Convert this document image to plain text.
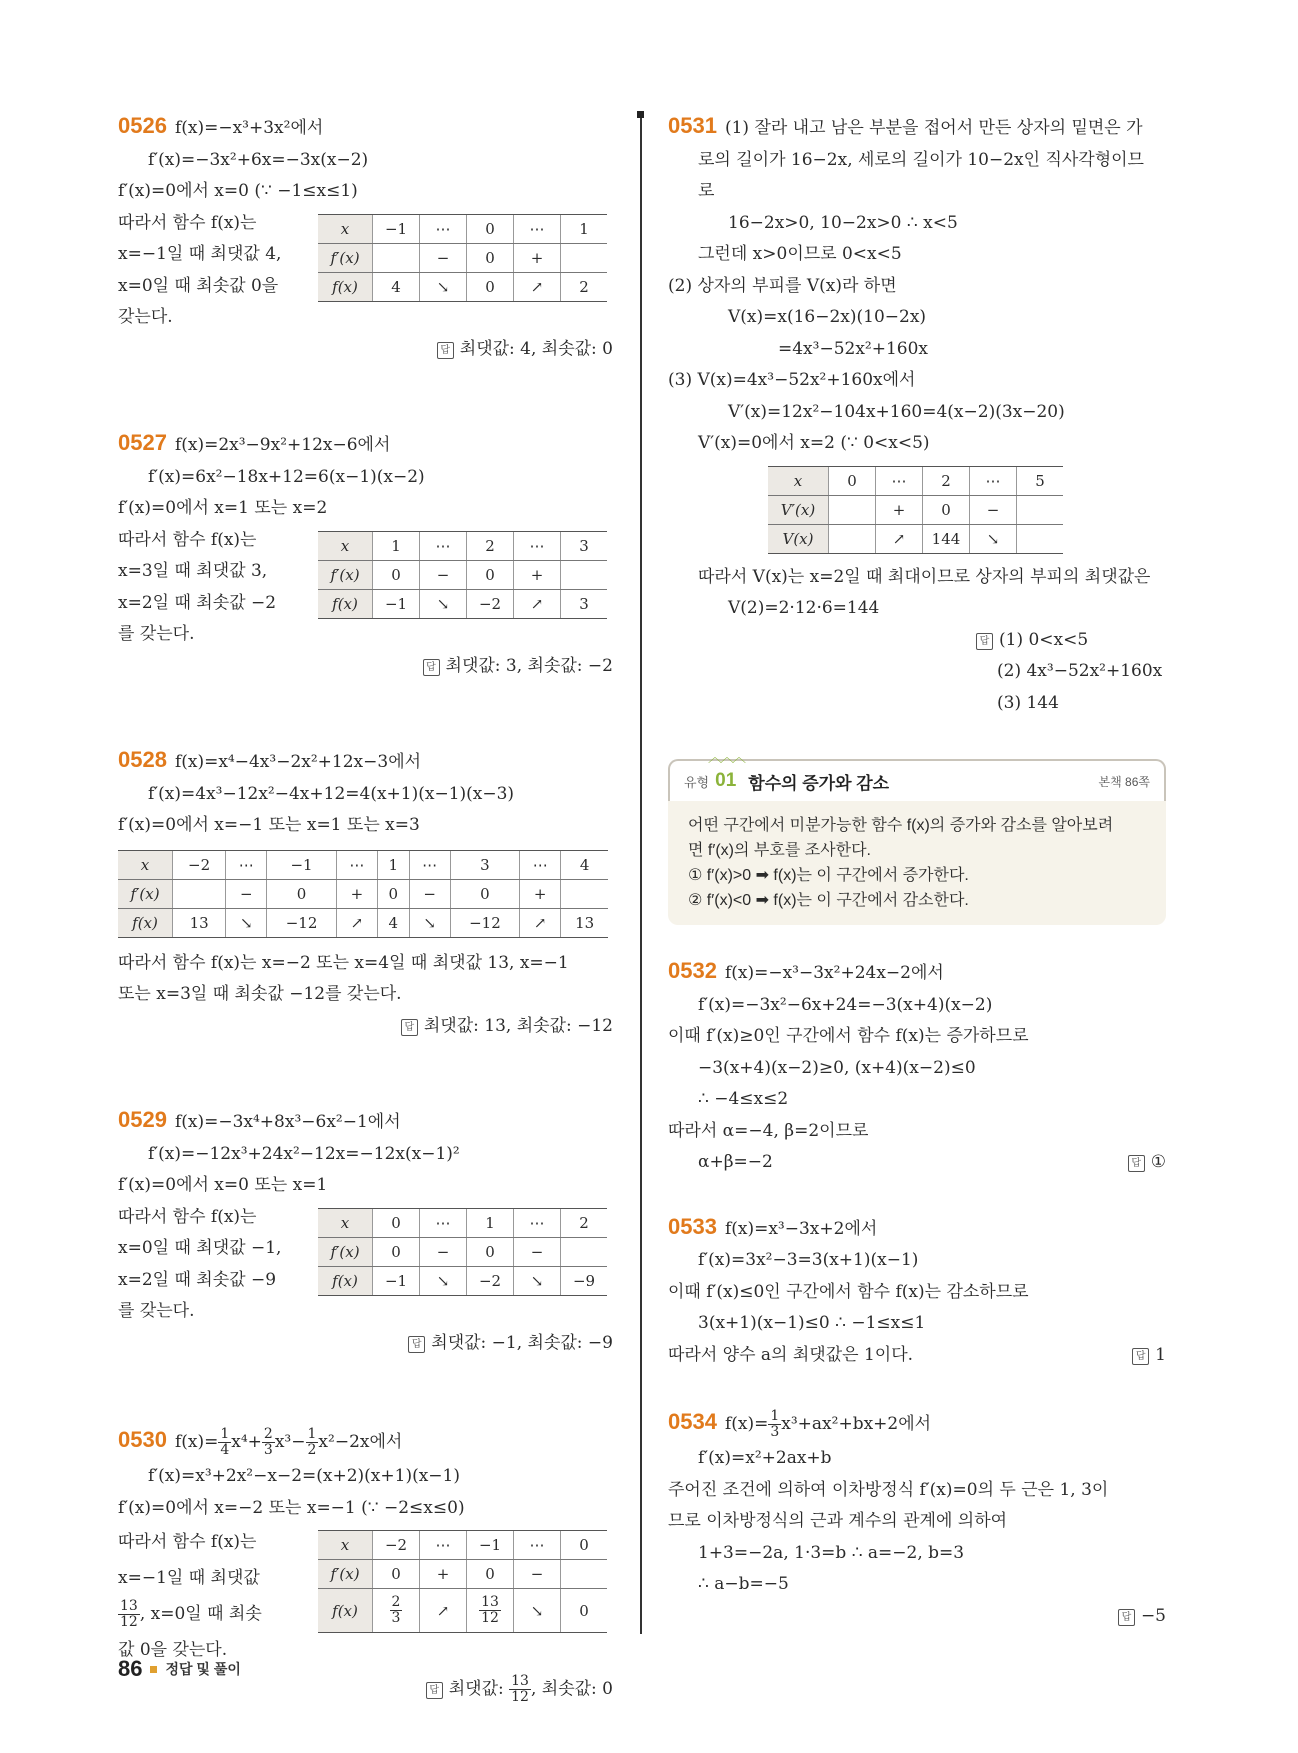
0526 f(x)=−x³+3x²에서
f′(x)=−3x²+6x=−3x(x−2)
f′(x)=0에서 x=0 (∵ −1≤x≤1)
따라서 함수 f(x)는
x=−1일 때 최댓값 4,
x=0일 때 최솟값 0을
갖는다.
x	−1	⋯	0	⋯	1
f′(x)		−	0	+	
f(x)	4	↘	0	↗	2
답 최댓값: 4, 최솟값: 0
0527 f(x)=2x³−9x²+12x−6에서
f′(x)=6x²−18x+12=6(x−1)(x−2)
f′(x)=0에서 x=1 또는 x=2
따라서 함수 f(x)는
x=3일 때 최댓값 3,
x=2일 때 최솟값 −2
를 갖는다.
x	1	⋯	2	⋯	3
f′(x)	0	−	0	+	
f(x)	−1	↘	−2	↗	3
답 최댓값: 3, 최솟값: −2
0528 f(x)=x⁴−4x³−2x²+12x−3에서
f′(x)=4x³−12x²−4x+12=4(x+1)(x−1)(x−3)
f′(x)=0에서 x=−1 또는 x=1 또는 x=3
x	−2	⋯	−1	⋯	1	⋯	3	⋯	4
f′(x)		−	0	+	0	−	0	+	
f(x)	13	↘	−12	↗	4	↘	−12	↗	13
따라서 함수 f(x)는 x=−2 또는 x=4일 때 최댓값 13, x=−1
또는 x=3일 때 최솟값 −12를 갖는다.
답 최댓값: 13, 최솟값: −12
0529 f(x)=−3x⁴+8x³−6x²−1에서
f′(x)=−12x³+24x²−12x=−12x(x−1)²
f′(x)=0에서 x=0 또는 x=1
따라서 함수 f(x)는
x=0일 때 최댓값 −1,
x=2일 때 최솟값 −9
를 갖는다.
x	0	⋯	1	⋯	2
f′(x)	0	−	0	−	
f(x)	−1	↘	−2	↘	−9
답 최댓값: −1, 최솟값: −9
0530 $f(x)= \frac{1}{4} x^4+ \frac{2}{3} x^3- \frac{1}{2} x^2-2x$에서
f′(x)=x³+2x²−x−2=(x+2)(x+1)(x−1)
f′(x)=0에서 x=−2 또는 x=−1 (∵ −2≤x≤0)
따라서 함수 f(x)는
x=−1일 때 최댓값
$\frac{13}{12}$ , x=0일 때 최솟
값 0을 갖는다.
x	−2	⋯	−1	⋯	0
f′(x)	0	+	0	−	
f(x)	$\frac{2}{3}$	↗	$\frac{13}{12}$	↘	0
답 최댓값: $\frac{13}{12}$ , 최솟값: 0
0531 (1) 잘라 내고 남은 부분을 접어서 만든 상자의 밑면은 가
로의 길이가 16−2x, 세로의 길이가 10−2x인 직사각형이므
로
16−2x>0, 10−2x>0 ∴ x<5
그런데 x>0이므로 0<x<5
(2) 상자의 부피를 V(x)라 하면
V(x)=x(16−2x)(10−2x)
=4x³−52x²+160x
(3) V(x)=4x³−52x²+160x에서
V′(x)=12x²−104x+160=4(x−2)(3x−20)
V′(x)=0에서 x=2 (∵ 0<x<5)
x	0	⋯	2	⋯	5
V′(x)		+	0	−	
V(x)		↗	144	↘	
따라서 V(x)는 x=2일 때 최대이므로 상자의 부피의 최댓값은
V(2)=2·12·6=144
답 (1) 0<x<5
(2) 4x³−52x²+160x
(3) 144
︿︿︿
유형 01 함수의 증가와 감소	본책 86쪽
어떤 구간에서 미분가능한 함수 f(x)의 증가와 감소를 알아보려
면 f′(x)의 부호를 조사한다.
① f′(x)>0 ➡ f(x)는 이 구간에서 증가한다.
② f′(x)<0 ➡ f(x)는 이 구간에서 감소한다.
0532 f(x)=−x³−3x²+24x−2에서
f′(x)=−3x²−6x+24=−3(x+4)(x−2)
이때 f′(x)≥0인 구간에서 함수 f(x)는 증가하므로
−3(x+4)(x−2)≥0, (x+4)(x−2)≤0
∴ −4≤x≤2
따라서 α=−4, β=2이므로
α+β=−2	답 ①
0533 f(x)=x³−3x+2에서
f′(x)=3x²−3=3(x+1)(x−1)
이때 f′(x)≤0인 구간에서 함수 f(x)는 감소하므로
3(x+1)(x−1)≤0 ∴ −1≤x≤1
따라서 양수 a의 최댓값은 1이다.	답 1
0534 $f(x)= \frac{1}{3} x^3+ax^2+bx+2$에서
f′(x)=x²+2ax+b
주어진 조건에 의하여 이차방정식 f′(x)=0의 두 근은 1, 3이
므로 이차방정식의 근과 계수의 관계에 의하여
1+3=−2a, 1·3=b ∴ a=−2, b=3
∴ a−b=−5
답 −5
86 정답 및 풀이
